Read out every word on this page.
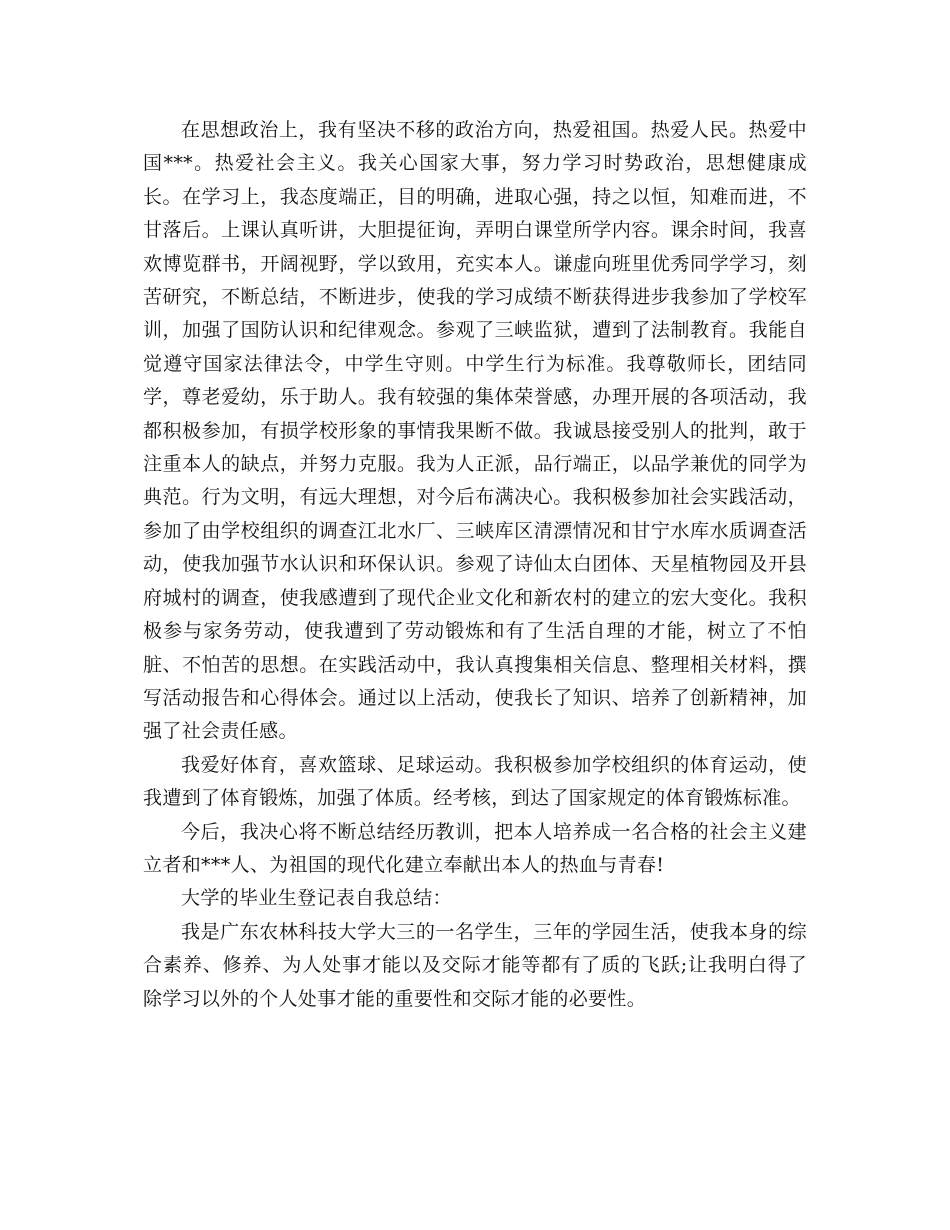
在思想政治上，我有坚决不移的政治方向，热爱祖国。热爱人民。热爱中国***。热爱社会主义。我关心国家大事，努力学习时势政治，思想健康成长。在学习上，我态度端正，目的明确，进取心强，持之以恒，知难而进，不甘落后。上课认真听讲，大胆提征询，弄明白课堂所学内容。课余时间，我喜欢博览群书，开阔视野，学以致用，充实本人。谦虚向班里优秀同学学习，刻苦研究，不断总结，不断进步，使我的学习成绩不断获得进步我参加了学校军训，加强了国防认识和纪律观念。参观了三峡监狱，遭到了法制教育。我能自觉遵守国家法律法令，中学生守则。中学生行为标准。我尊敬师长，团结同学，尊老爱幼，乐于助人。我有较强的集体荣誉感，办理开展的各项活动，我都积极参加，有损学校形象的事情我果断不做。我诚恳接受别人的批判，敢于注重本人的缺点，并努力克服。我为人正派，品行端正，以品学兼优的同学为典范。行为文明，有远大理想，对今后布满决心。我积极参加社会实践活动，参加了由学校组织的调查江北水厂、三峡库区清漂情况和甘宁水库水质调查活动，使我加强节水认识和环保认识。参观了诗仙太白团体、天星植物园及开县府城村的调查，使我感遭到了现代企业文化和新农村的建立的宏大变化。我积极参与家务劳动，使我遭到了劳动锻炼和有了生活自理的才能，树立了不怕脏、不怕苦的思想。在实践活动中，我认真搜集相关信息、整理相关材料，撰写活动报告和心得体会。通过以上活动，使我长了知识、培养了创新精神，加强了社会责任感。

我爱好体育，喜欢篮球、足球运动。我积极参加学校组织的体育运动，使我遭到了体育锻炼，加强了体质。经考核，到达了国家规定的体育锻炼标准。

今后，我决心将不断总结经历教训，把本人培养成一名合格的社会主义建立者和***人、为祖国的现代化建立奉献出本人的热血与青春!

大学的毕业生登记表自我总结：

我是广东农林科技大学大三的一名学生，三年的学园生活，使我本身的综合素养、修养、为人处事才能以及交际才能等都有了质的飞跃;让我明白得了除学习以外的个人处事才能的重要性和交际才能的必要性。
